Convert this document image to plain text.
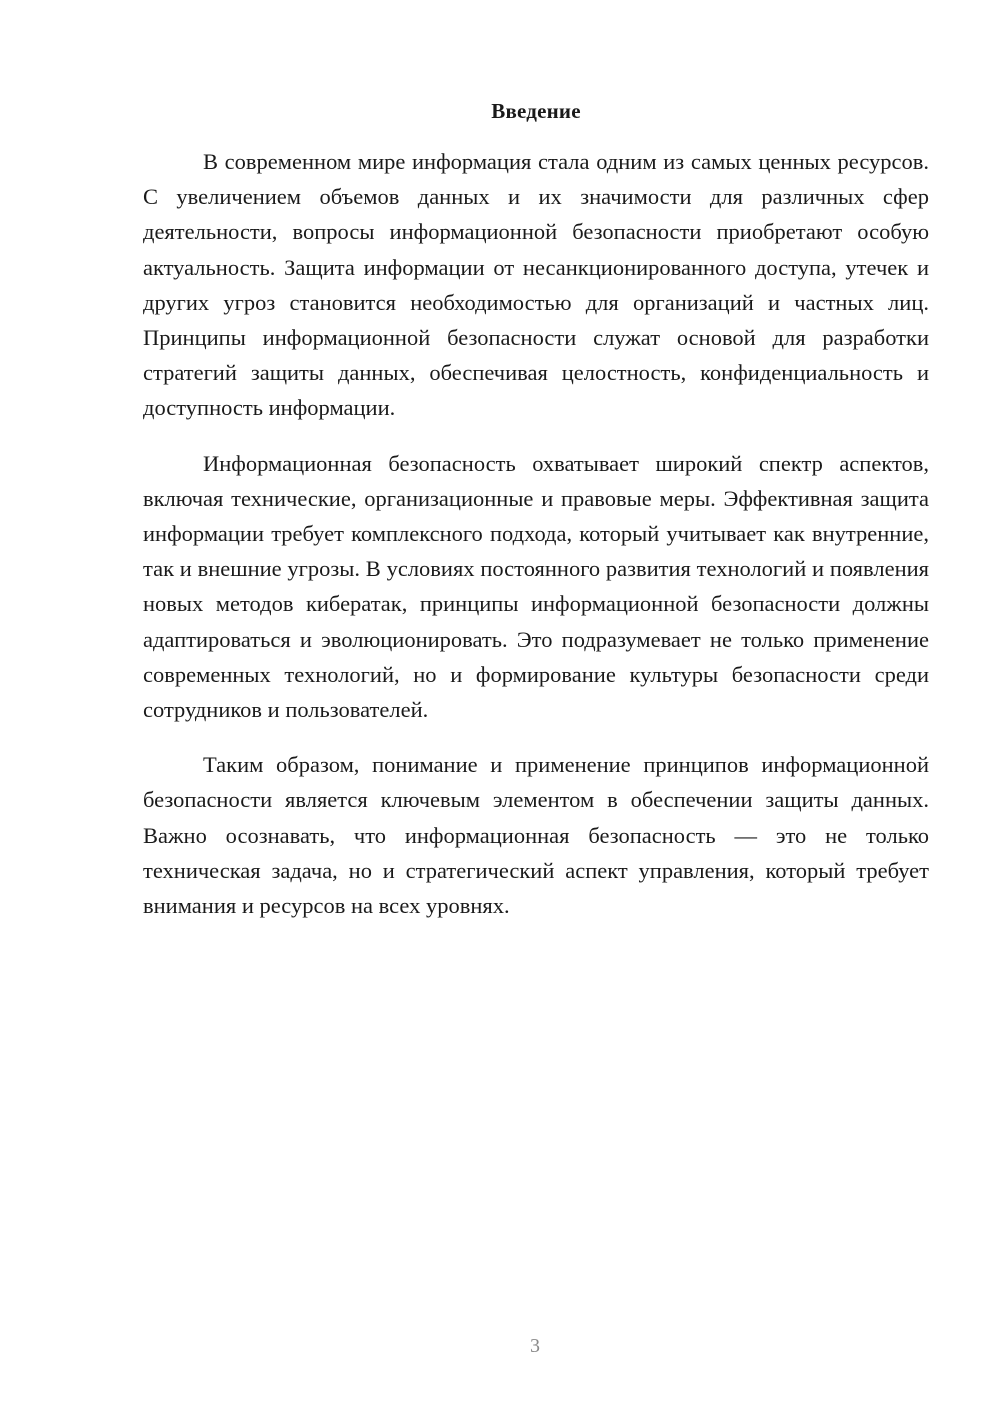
Введение

В современном мире информация стала одним из самых ценных ресурсов. С увеличением объемов данных и их значимости для различных сфер деятельности, вопросы информационной безопасности приобретают особую актуальность. Защита информации от несанкционированного доступа, утечек и других угроз становится необходимостью для организаций и частных лиц. Принципы информационной безопасности служат основой для разработки стратегий защиты данных, обеспечивая целостность, конфиденциальность и доступность информации.

Информационная безопасность охватывает широкий спектр аспектов, включая технические, организационные и правовые меры. Эффективная защита информации требует комплексного подхода, который учитывает как внутренние, так и внешние угрозы. В условиях постоянного развития технологий и появления новых методов кибератак, принципы информационной безопасности должны адаптироваться и эволюционировать. Это подразумевает не только применение современных технологий, но и формирование культуры безопасности среди сотрудников и пользователей.

Таким образом, понимание и применение принципов информационной безопасности является ключевым элементом в обеспечении защиты данных. Важно осознавать, что информационная безопасность — это не только техническая задача, но и стратегический аспект управления, который требует внимания и ресурсов на всех уровнях.

3
